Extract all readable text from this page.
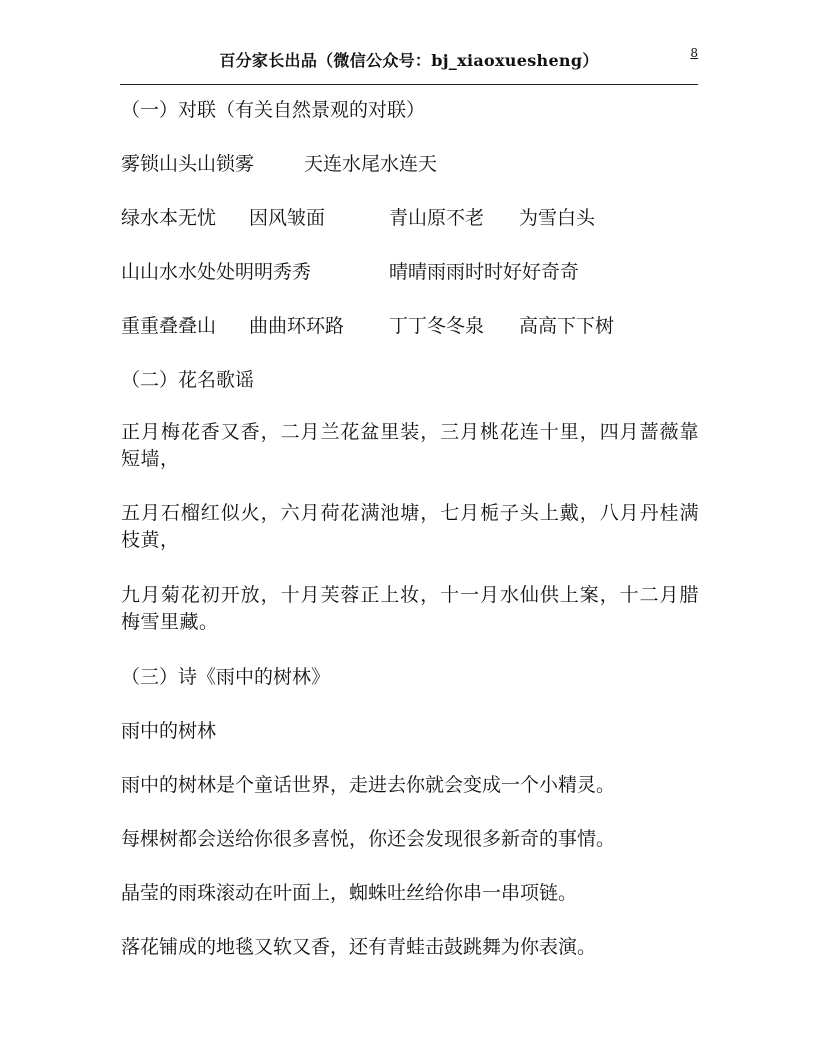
百分家长出品（微信公众号：bj_xiaoxuesheng）	8
（一）对联（有关自然景观的对联）
雾锁山头山锁雾	天连水尾水连天
绿水本无忧 因风皱面	青山原不老 为雪白头
山山水水处处明明秀秀	晴晴雨雨时时好好奇奇
重重叠叠山 曲曲环环路 丁丁冬冬泉 高高下下树
（二）花名歌谣
正月梅花香又香，二月兰花盆里装，三月桃花连十里，四月蔷薇靠短墙，
五月石榴红似火，六月荷花满池塘，七月栀子头上戴，八月丹桂满枝黄，
九月菊花初开放，十月芙蓉正上妆，十一月水仙供上案，十二月腊梅雪里藏。
（三）诗《雨中的树林》
雨中的树林
雨中的树林是个童话世界，走进去你就会变成一个小精灵。
每棵树都会送给你很多喜悦，你还会发现很多新奇的事情。
晶莹的雨珠滚动在叶面上，蜘蛛吐丝给你串一串项链。
落花铺成的地毯又软又香，还有青蛙击鼓跳舞为你表演。
